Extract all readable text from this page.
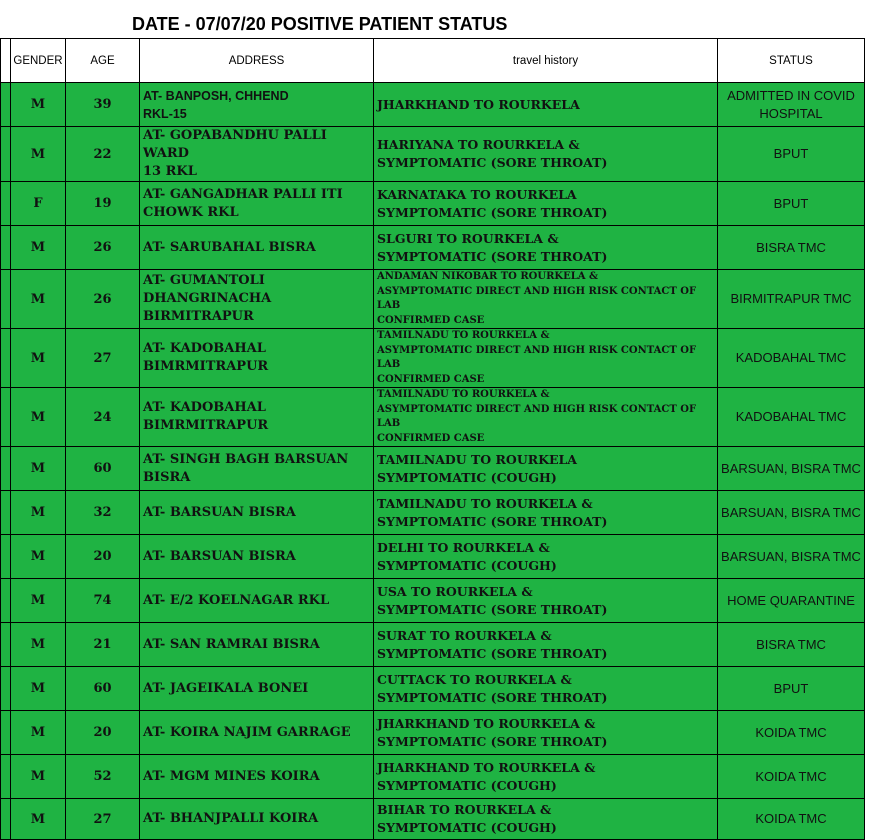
DATE - 07/07/20 POSITIVE PATIENT STATUS
	GENDER	AGE	ADDRESS	travel history	STATUS
	M	39	AT- BANPOSH, CHHEND
RKL-15	JHARKHAND TO ROURKELA	ADMITTED IN COVID
HOSPITAL
	M	22	AT- GOPABANDHU PALLI WARD
13 RKL	HARIYANA TO ROURKELA &
SYMPTOMATIC (SORE THROAT)	BPUT
	F	19	AT- GANGADHAR PALLI ITI
CHOWK RKL	KARNATAKA TO ROURKELA
SYMPTOMATIC (SORE THROAT)	BPUT
	M	26	AT- SARUBAHAL BISRA	SLGURI TO ROURKELA &
SYMPTOMATIC (SORE THROAT)	BISRA TMC
	M	26	AT- GUMANTOLI
DHANGRINACHA BIRMITRAPUR	ANDAMAN NIKOBAR TO ROURKELA &
ASYMPTOMATIC DIRECT AND HIGH RISK CONTACT OF LAB
CONFIRMED CASE	BIRMITRAPUR TMC
	M	27	AT- KADOBAHAL
BIMRMITRAPUR	TAMILNADU TO ROURKELA &
ASYMPTOMATIC DIRECT AND HIGH RISK CONTACT OF LAB
CONFIRMED CASE	KADOBAHAL TMC
	M	24	AT- KADOBAHAL
BIMRMITRAPUR	TAMILNADU TO ROURKELA &
ASYMPTOMATIC DIRECT AND HIGH RISK CONTACT OF LAB
CONFIRMED CASE	KADOBAHAL TMC
	M	60	AT- SINGH BAGH BARSUAN
BISRA	TAMILNADU TO ROURKELA
SYMPTOMATIC (COUGH)	BARSUAN, BISRA TMC
	M	32	AT- BARSUAN BISRA	TAMILNADU TO ROURKELA &
SYMPTOMATIC (SORE THROAT)	BARSUAN, BISRA TMC
	M	20	AT- BARSUAN BISRA	DELHI TO ROURKELA &
SYMPTOMATIC (COUGH)	BARSUAN, BISRA TMC
	M	74	AT- E/2 KOELNAGAR RKL	USA TO ROURKELA &
SYMPTOMATIC (SORE THROAT)	HOME QUARANTINE
	M	21	AT- SAN RAMRAI BISRA	SURAT TO ROURKELA &
SYMPTOMATIC (SORE THROAT)	BISRA TMC
	M	60	AT- JAGEIKALA BONEI	CUTTACK TO ROURKELA &
SYMPTOMATIC (SORE THROAT)	BPUT
	M	20	AT- KOIRA NAJIM GARRAGE	JHARKHAND TO ROURKELA &
SYMPTOMATIC (SORE THROAT)	KOIDA TMC
	M	52	AT- MGM MINES KOIRA	JHARKHAND TO ROURKELA &
SYMPTOMATIC (COUGH)	KOIDA TMC
	M	27	AT- BHANJPALLI KOIRA	BIHAR TO ROURKELA &
SYMPTOMATIC (COUGH)	KOIDA TMC
